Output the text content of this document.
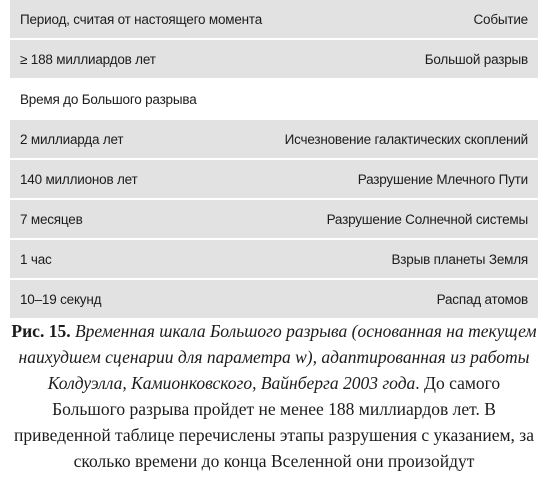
Период, считая от настоящего момента	Событие
≥ 188 миллиардов лет	Большой разрыв
Время до Большого разрыва
2 миллиарда лет	Исчезновение галактических скоплений
140 миллионов лет	Разрушение Млечного Пути
7 месяцев	Разрушение Солнечной системы
1 час	Взрыв планеты Земля
10–19 секунд	Распад атомов
Рис. 15. Временная шкала Большого разрыва (основанная на текущем наихудшем сценарии для параметра w), адаптированная из работы Колдуэлла, Камионковского, Вайнберга 2003 года. До самого Большого разрыва пройдет не менее 188 миллиардов лет. В приведенной таблице перечислены этапы разрушения с указанием, за сколько времени до конца Вселенной они произойдут
